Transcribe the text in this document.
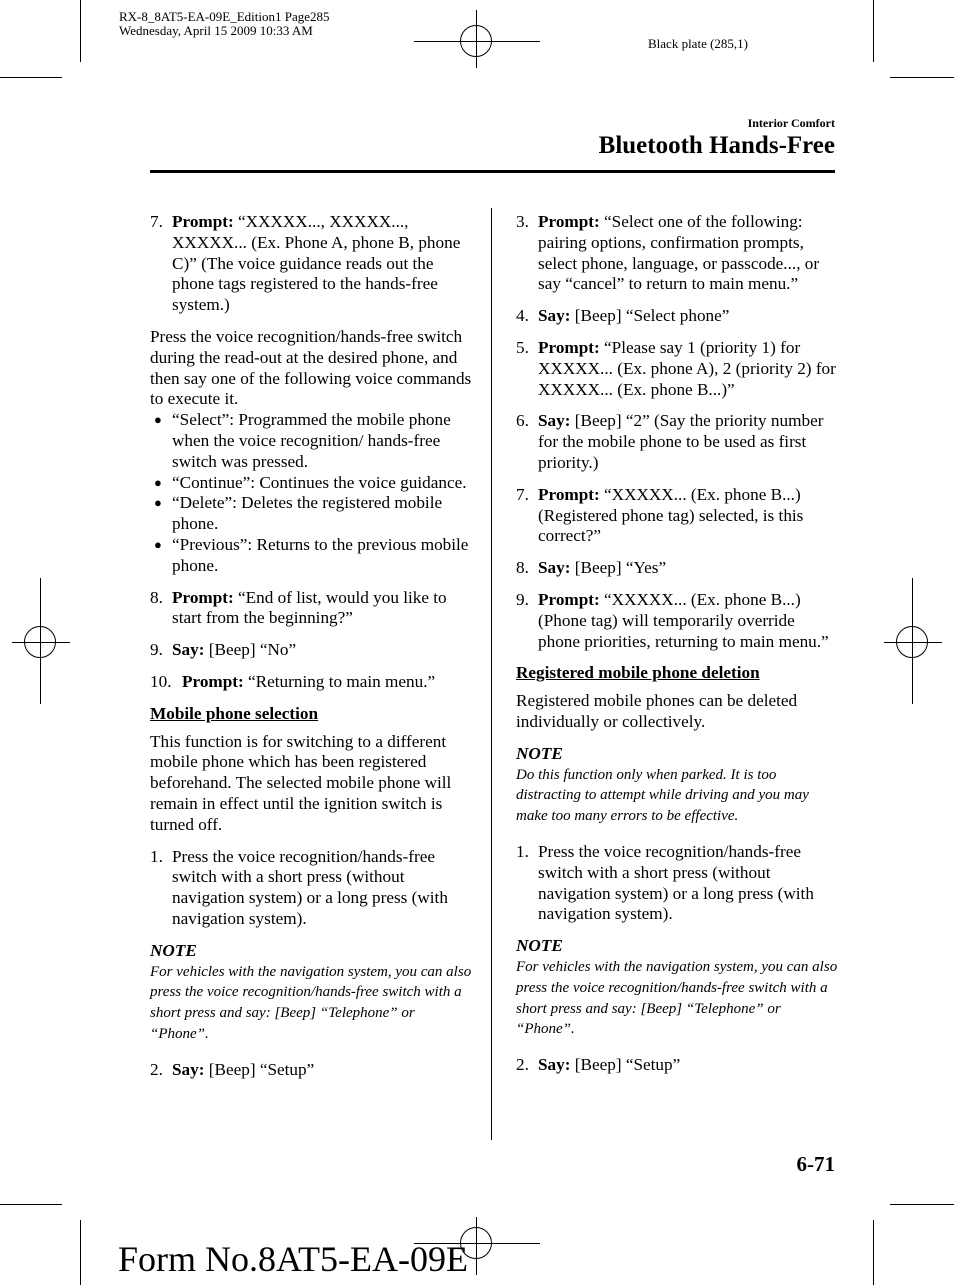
RX-8_8AT5-EA-09E_Edition1 Page285
Wednesday, April 15 2009 10:33 AM
Black plate (285,1)
Interior Comfort
Bluetooth Hands-Free
7. Prompt: “XXXXX..., XXXXX..., XXXXX... (Ex. Phone A, phone B, phone C)” (The voice guidance reads out the phone tags registered to the hands-free system.)

Press the voice recognition/hands-free switch during the read-out at the desired phone, and then say one of the following voice commands to execute it.

● “Select”: Programmed the mobile phone when the voice recognition/ hands-free switch was pressed.
● “Continue”: Continues the voice guidance.
● “Delete”: Deletes the registered mobile phone.
● “Previous”: Returns to the previous mobile phone.
8. Prompt: “End of list, would you like to start from the beginning?”
9. Say: [Beep] “No”
10. Prompt: “Returning to main menu.”

Mobile phone selection

This function is for switching to a different mobile phone which has been registered beforehand. The selected mobile phone will remain in effect until the ignition switch is turned off.

1. Press the voice recognition/hands-free switch with a short press (without navigation system) or a long press (with navigation system).

NOTE

For vehicles with the navigation system, you can also press the voice recognition/hands-free switch with a short press and say: [Beep] “Telephone” or “Phone”.

2. Say: [Beep] “Setup”
3. Prompt: “Select one of the following: pairing options, confirmation prompts, select phone, language, or passcode..., or say “cancel” to return to main menu.”
4. Say: [Beep] “Select phone”
5. Prompt: “Please say 1 (priority 1) for XXXXX... (Ex. phone A), 2 (priority 2) for XXXXX... (Ex. phone B...)”
6. Say: [Beep] “2” (Say the priority number for the mobile phone to be used as first priority.)
7. Prompt: “XXXXX... (Ex. phone B...) (Registered phone tag) selected, is this correct?”
8. Say: [Beep] “Yes”
9. Prompt: “XXXXX... (Ex. phone B...) (Phone tag) will temporarily override phone priorities, returning to main menu.”

Registered mobile phone deletion

Registered mobile phones can be deleted individually or collectively.

NOTE

Do this function only when parked. It is too distracting to attempt while driving and you may make too many errors to be effective.

1. Press the voice recognition/hands-free switch with a short press (without navigation system) or a long press (with navigation system).

NOTE

For vehicles with the navigation system, you can also press the voice recognition/hands-free switch with a short press and say: [Beep] “Telephone” or “Phone”.

2. Say: [Beep] “Setup”
6-71
Form No.8AT5-EA-09E
